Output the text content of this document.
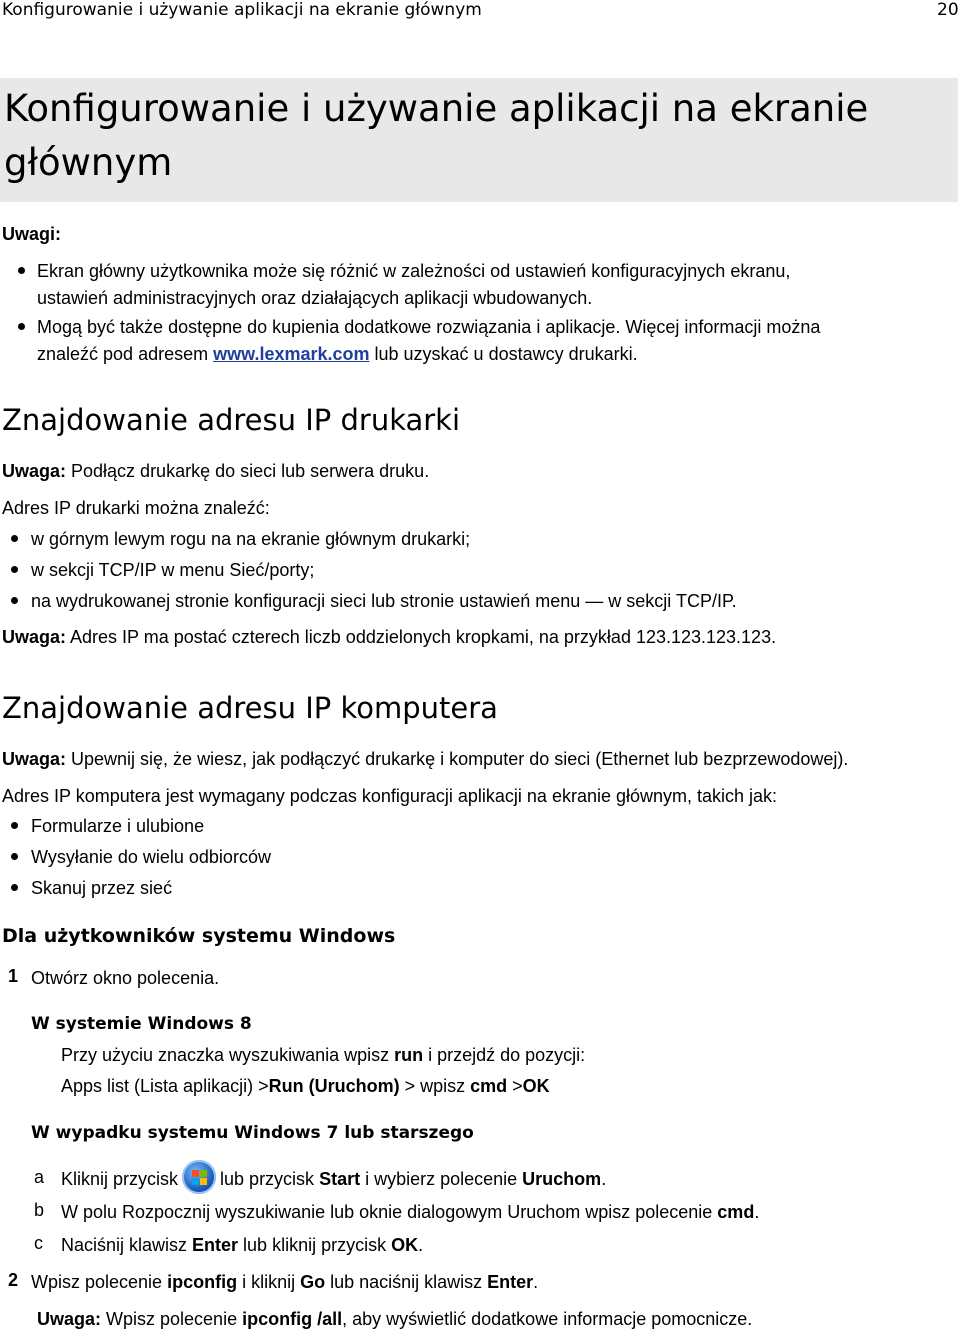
Konfigurowanie i używanie aplikacji na ekranie głównym	20
Konfigurowanie i używanie aplikacji na ekranie głównym
Uwagi:
Ekran główny użytkownika może się różnić w zależności od ustawień konfiguracyjnych ekranu,
ustawień administracyjnych oraz działających aplikacji wbudowanych.
Mogą być także dostępne do kupienia dodatkowe rozwiązania i aplikacje. Więcej informacji można
znaleźć pod adresem www.lexmark.com lub uzyskać u dostawcy drukarki.
Znajdowanie adresu IP drukarki
Uwaga: Podłącz drukarkę do sieci lub serwera druku.
Adres IP drukarki można znaleźć:
w górnym lewym rogu na na ekranie głównym drukarki;
w sekcji TCP/IP w menu Sieć/porty;
na wydrukowanej stronie konfiguracji sieci lub stronie ustawień menu — w sekcji TCP/IP.
Uwaga: Adres IP ma postać czterech liczb oddzielonych kropkami, na przykład 123.123.123.123.
Znajdowanie adresu IP komputera
Uwaga: Upewnij się, że wiesz, jak podłączyć drukarkę i komputer do sieci (Ethernet lub bezprzewodowej).
Adres IP komputera jest wymagany podczas konfiguracji aplikacji na ekranie głównym, takich jak:
Formularze i ulubione
Wysyłanie do wielu odbiorców
Skanuj przez sieć
Dla użytkowników systemu Windows
1 Otwórz okno polecenia.
W systemie Windows 8
Przy użyciu znaczka wyszukiwania wpisz run i przejdź do pozycji:
Apps list (Lista aplikacji) >Run (Uruchom) > wpisz cmd >OK
W wypadku systemu Windows 7 lub starszego
a Kliknij przycisk lub przycisk Start i wybierz polecenie Uruchom.
b W polu Rozpocznij wyszukiwanie lub oknie dialogowym Uruchom wpisz polecenie cmd.
c Naciśnij klawisz Enter lub kliknij przycisk OK.
2 Wpisz polecenie ipconfig i kliknij Go lub naciśnij klawisz Enter.
Uwaga: Wpisz polecenie ipconfig /all, aby wyświetlić dodatkowe informacje pomocnicze.
